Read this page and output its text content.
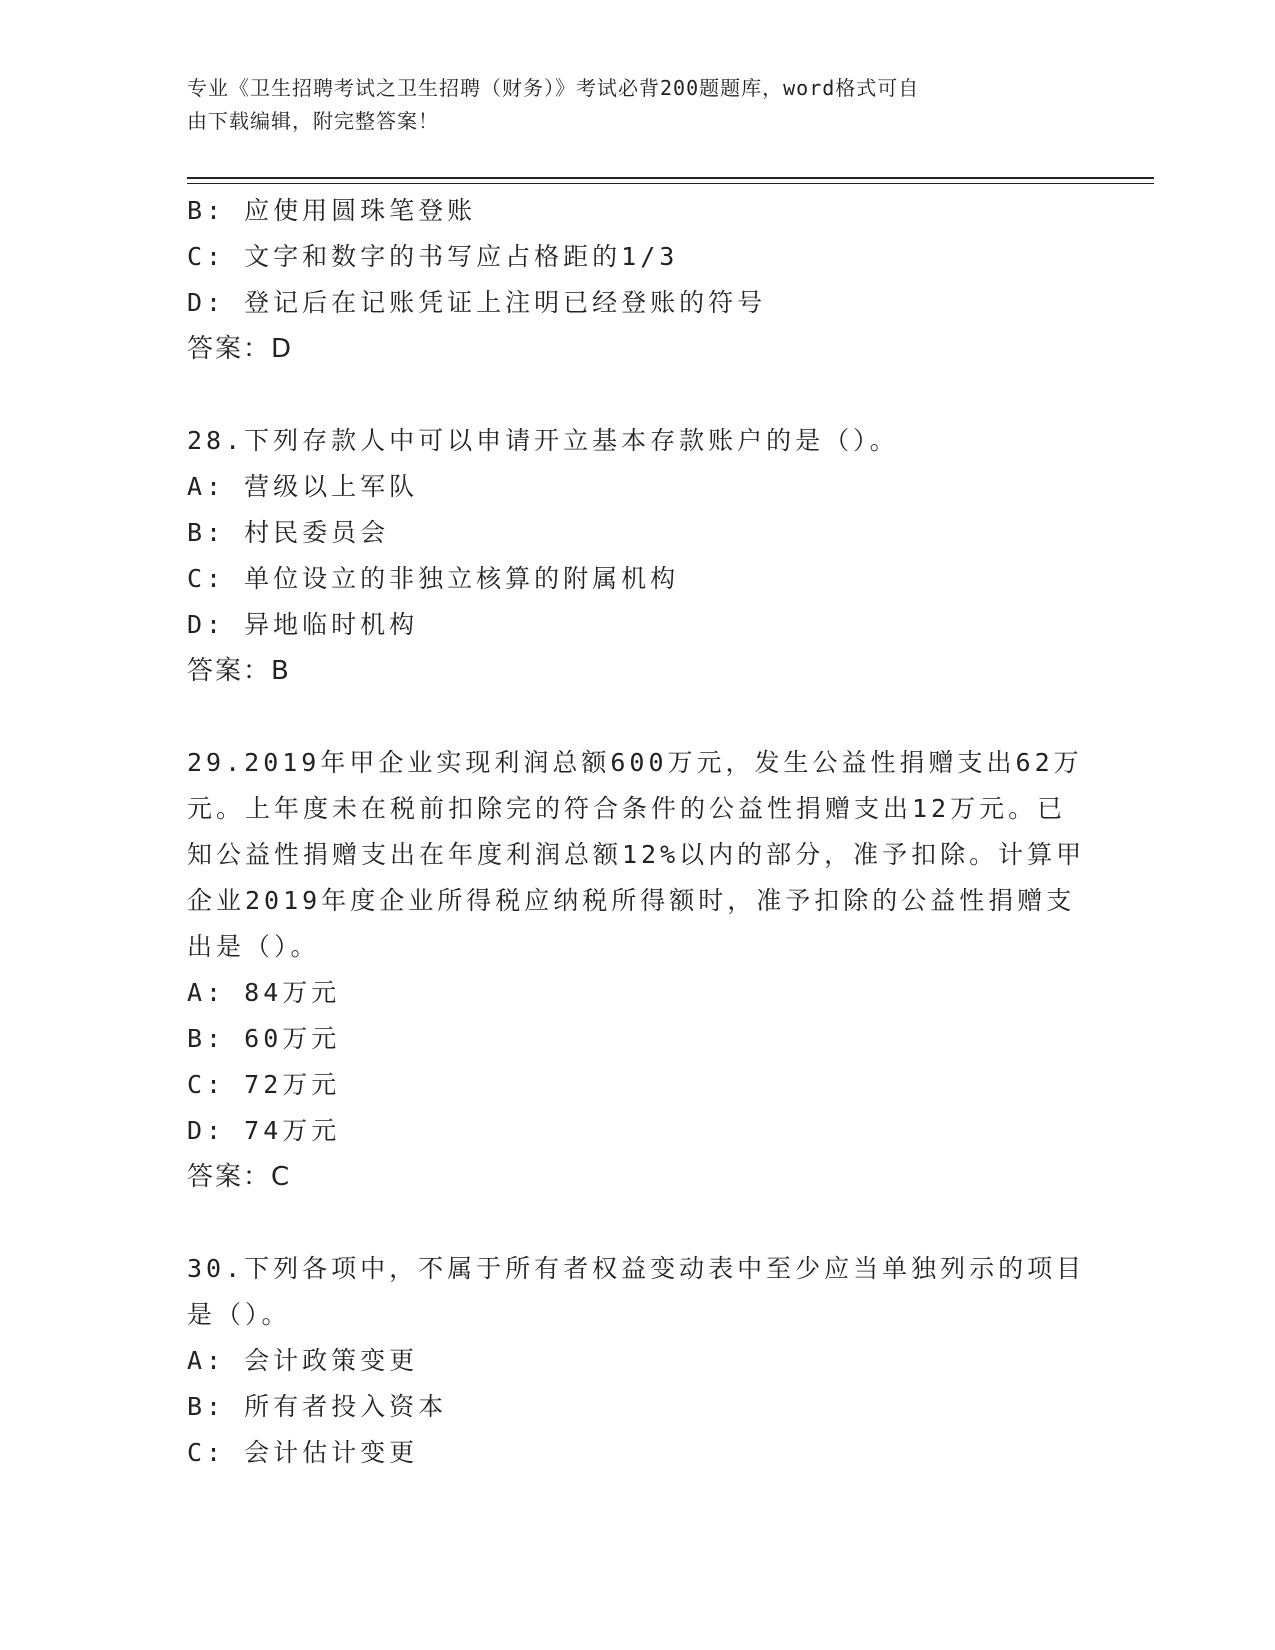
专业《卫生招聘考试之卫生招聘（财务）》考试必背200题题库，word格式可自

由下载编辑，附完整答案！

B: 应使用圆珠笔登账

C: 文字和数字的书写应占格距的1/3

D: 登记后在记账凭证上注明已经登账的符号

答案：D

28.下列存款人中可以申请开立基本存款账户的是（）。

A: 营级以上军队

B: 村民委员会

C: 单位设立的非独立核算的附属机构

D: 异地临时机构

答案：B

29.2019年甲企业实现利润总额600万元，发生公益性捐赠支出62万

元。上年度未在税前扣除完的符合条件的公益性捐赠支出12万元。已

知公益性捐赠支出在年度利润总额12%以内的部分，准予扣除。计算甲

企业2019年度企业所得税应纳税所得额时，准予扣除的公益性捐赠支

出是（）。

A: 84万元

B: 60万元

C: 72万元

D: 74万元

答案：C

30.下列各项中，不属于所有者权益变动表中至少应当单独列示的项目

是（）。

A: 会计政策变更

B: 所有者投入资本

C: 会计估计变更
